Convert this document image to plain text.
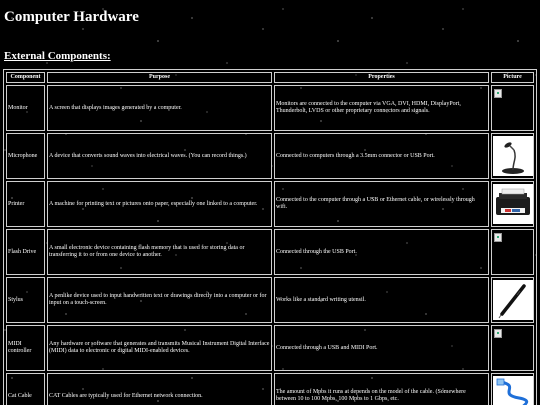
Computer Hardware
External Components:
Component	Purpose	Properties	Picture
Monitor	A screen that displays images generated by a computer.	Monitors are connected to the computer via VGA, DVI, HDMI, DisplayPort, Thunderbolt, LVDS or other proprietary connectors and signals.	

Microphone	A device that converts sound waves into electrical waves. (You can record things.)	Connected to computers through a 3.5mm connector or USB Port.	

Printer	A machine for printing text or pictures onto paper, especially one linked to a computer.	Connected to the computer through a USB or Ethernet cable, or wirelessly through wifi.	

Flash Drive	A small electronic device containing flash memory that is used for storing data or transferring it to or from one device to another.	Connected through the USB Port.	

Stylus	A penlike device used to input handwritten text or drawings directly into a computer or for input on a touch-screen.	Works like a standard writing utensil.	

MIDI controller	Any hardware or software that generates and transmits Musical Instrument Digital Interface (MIDI) data to electronic or digital MIDI-enabled devices.	Connected through a USB and MIDI Port.	

Cat Cable	CAT Cables are typically used for Ethernet network connection.	The amount of Mpbs it runs at depends on the model of the cable. (Somewhere between 10 to 100 Mpbs, 100 Mpbs to 1 Gbps, etc.	
